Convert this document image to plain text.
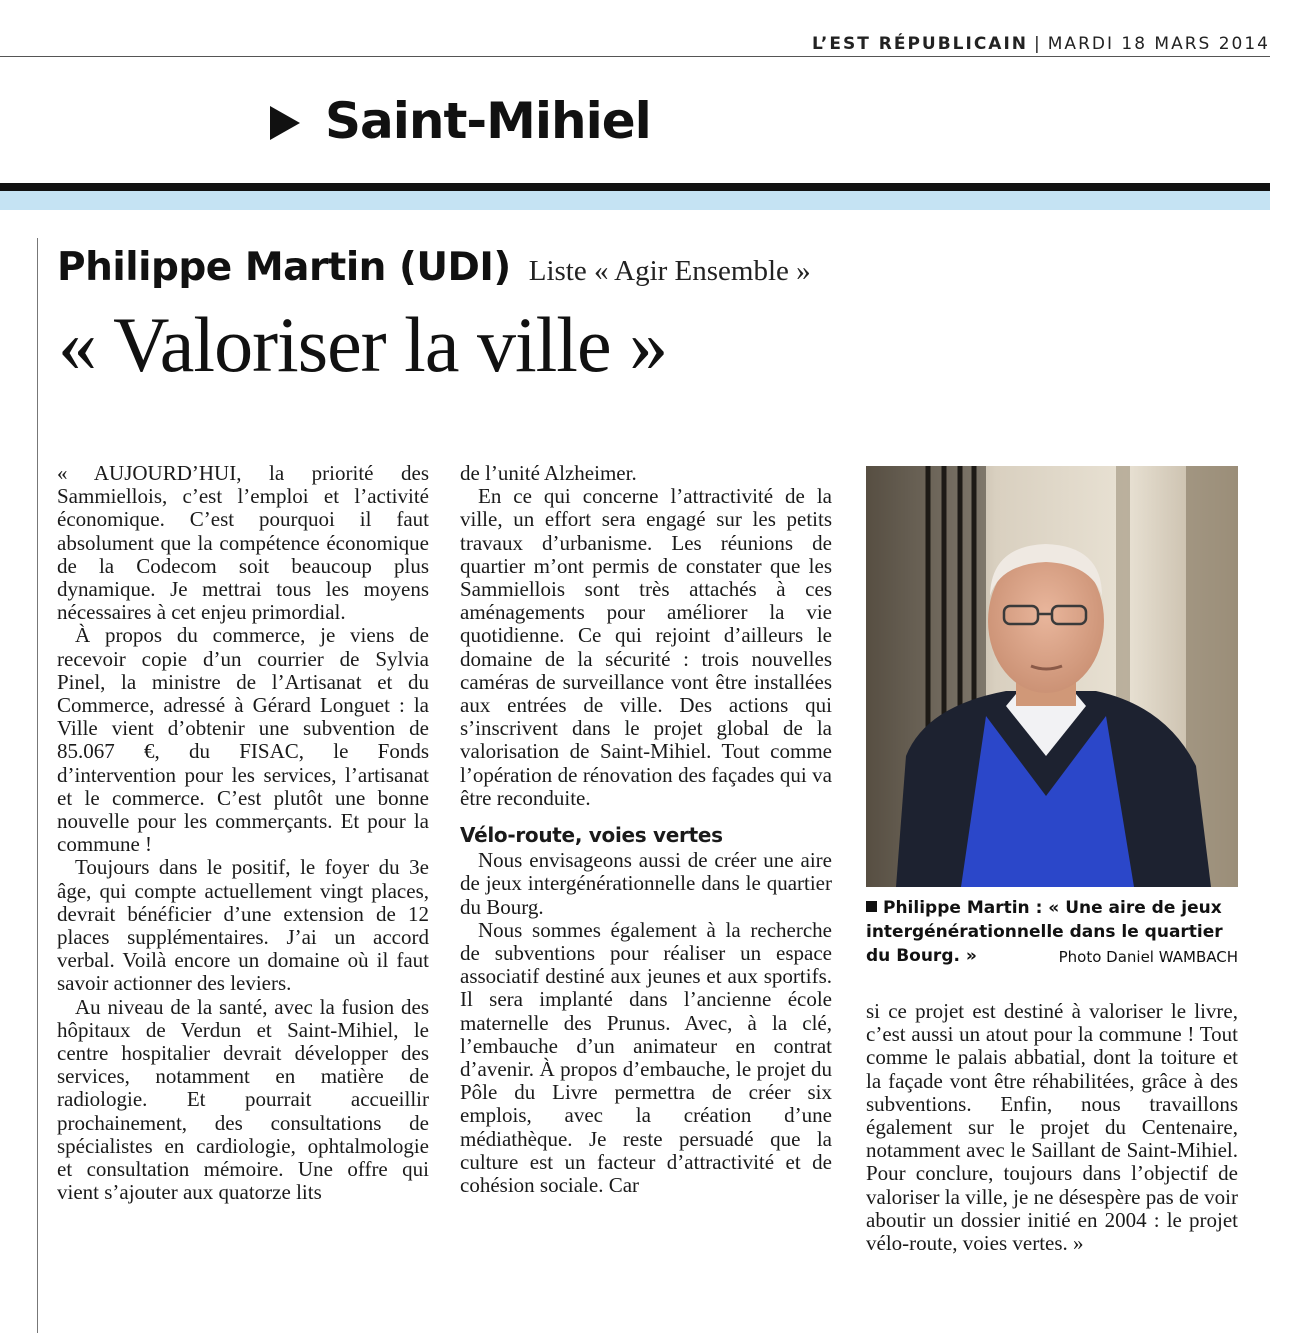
L’EST RÉPUBLICAIN | MARDI 18 MARS 2014
Saint-Mihiel
Philippe Martin (UDI) Liste « Agir Ensemble »
« Valoriser la ville »

« AUJOURD’HUI, la priorité des Sammiellois, c’est l’emploi et l’activité économique. C’est pourquoi il faut absolument que la compétence économique de la Codecom soit beaucoup plus dynamique. Je mettrai tous les moyens nécessaires à cet enjeu primordial.

À propos du commerce, je viens de recevoir copie d’un courrier de Sylvia Pinel, la ministre de l’Artisanat et du Commerce, adressé à Gérard Longuet : la Ville vient d’obtenir une subvention de 85.067 €, du FISAC, le Fonds d’intervention pour les services, l’artisanat et le commerce. C’est plutôt une bonne nouvelle pour les commerçants. Et pour la commune !

Toujours dans le positif, le foyer du 3e âge, qui compte actuellement vingt places, devrait bénéficier d’une extension de 12 places supplémentaires. J’ai un accord verbal. Voilà encore un domaine où il faut savoir actionner des leviers.

Au niveau de la santé, avec la fusion des hôpitaux de Verdun et Saint-Mihiel, le centre hospitalier devrait développer des services, notamment en matière de radiologie. Et pourrait accueillir prochainement, des consultations de spécialistes en cardiologie, ophtalmologie et consultation mémoire. Une offre qui vient s’ajouter aux quatorze lits

de l’unité Alzheimer.

En ce qui concerne l’attractivité de la ville, un effort sera engagé sur les petits travaux d’urbanisme. Les réunions de quartier m’ont permis de constater que les Sammiellois sont très attachés à ces aménagements pour améliorer la vie quotidienne. Ce qui rejoint d’ailleurs le domaine de la sécurité : trois nouvelles caméras de surveillance vont être installées aux entrées de ville. Des actions qui s’inscrivent dans le projet global de la valorisation de Saint-Mihiel. Tout comme l’opération de rénovation des façades qui va être reconduite.

Vélo-route, voies vertes

Nous envisageons aussi de créer une aire de jeux intergénérationnelle dans le quartier du Bourg.

Nous sommes également à la recherche de subventions pour réaliser un espace associatif destiné aux jeunes et aux sportifs. Il sera implanté dans l’ancienne école maternelle des Prunus. Avec, à la clé, l’embauche d’un animateur en contrat d’avenir. À propos d’embauche, le projet du Pôle du Livre permettra de créer six emplois, avec la création d’une médiathèque. Je reste persuadé que la culture est un facteur d’attractivité et de cohésion sociale. Car

Philippe Martin : « Une aire de jeux intergénérationnelle dans le quartier du Bourg. »	Photo Daniel WAMBACH

si ce projet est destiné à valoriser le livre, c’est aussi un atout pour la commune ! Tout comme le palais abbatial, dont la toiture et la façade vont être réhabilitées, grâce à des subventions. Enfin, nous travaillons également sur le projet du Centenaire, notamment avec le Saillant de Saint-Mihiel. Pour conclure, toujours dans l’objectif de valoriser la ville, je ne désespère pas de voir aboutir un dossier initié en 2004 : le projet vélo-route, voies vertes. »
